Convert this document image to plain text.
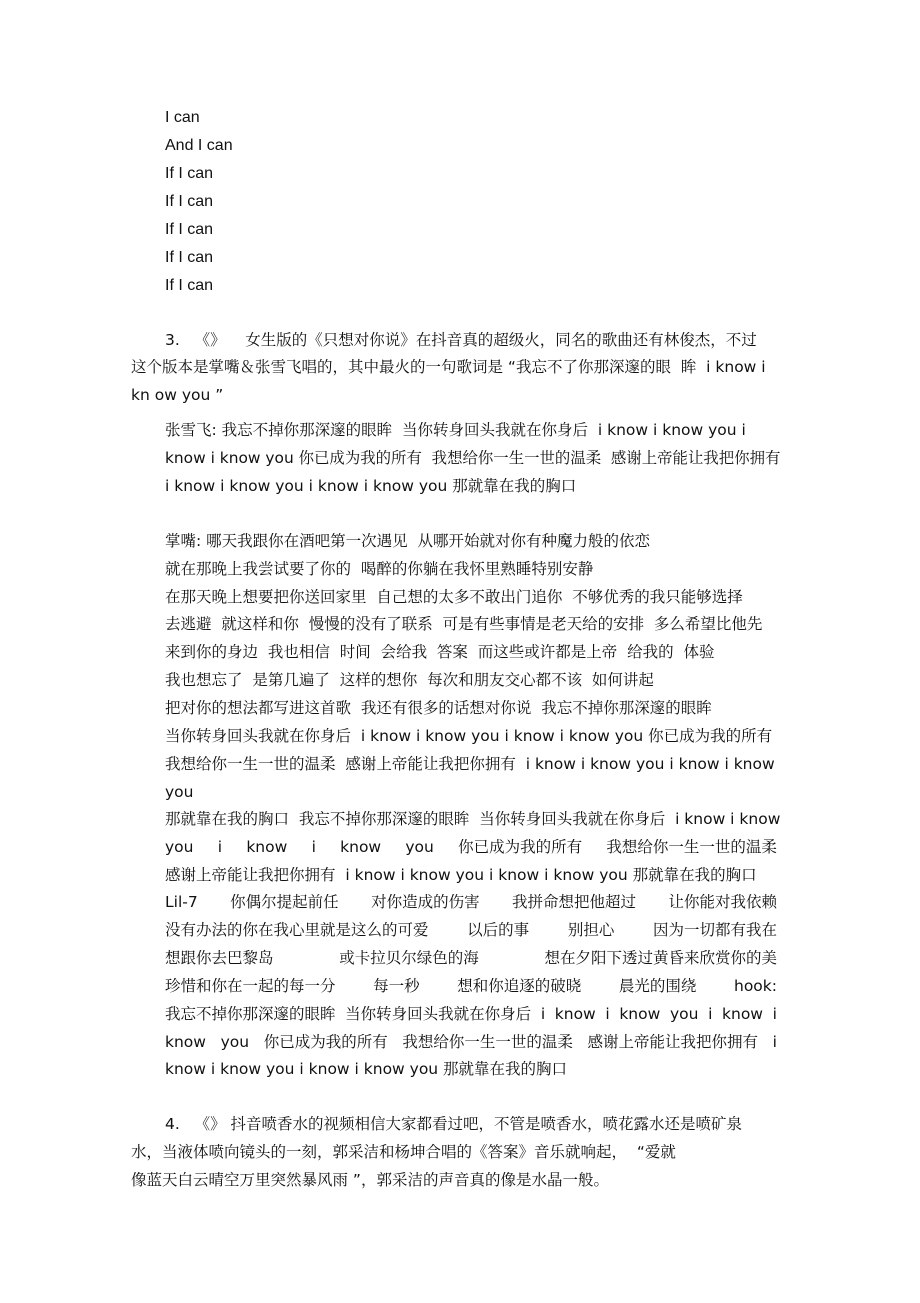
I can

And I can

If I can

If I can

If I can

If I can

If I can

3.   《》    女生版的《只想对你说》在抖音真的超级火，同名的歌曲还有林俊杰，不过

这个版本是掌嘴＆张雪飞唱的，其中最火的一句歌词是 “我忘不了你那深邃的眼  眸  i know i

kn ow you ”

张雪飞: 我忘不掉你那深邃的眼眸  当你转身回头我就在你身后  i know i know you i

know i know you 你已成为我的所有  我想给你一生一世的温柔  感谢上帝能让我把你拥有

i know i know you i know i know you 那就靠在我的胸口

掌嘴: 哪天我跟你在酒吧第一次遇见  从哪开始就对你有种魔力般的依恋

就在那晚上我尝试要了你的  喝醉的你躺在我怀里熟睡特别安静

在那天晚上想要把你送回家里  自己想的太多不敢出门追你  不够优秀的我只能够选择

去逃避  就这样和你  慢慢的没有了联系  可是有些事情是老天给的安排  多么希望比他先

来到你的身边  我也相信  时间  会给我  答案  而这些或许都是上帝  给我的  体验

我也想忘了  是第几遍了  这样的想你  每次和朋友交心都不该  如何讲起

把对你的想法都写进这首歌  我还有很多的话想对你说  我忘不掉你那深邃的眼眸

当你转身回头我就在你身后  i know i know you i know i know you 你已成为我的所有

我想给你一生一世的温柔  感谢上帝能让我把你拥有  i know i know you i know i know

you

那就靠在我的胸口  我忘不掉你那深邃的眼眸  当你转身回头我就在你身后  i know i know

you i know i know you 你已成为我的所有 我想给你一生一世的温柔

感谢上帝能让我把你拥有  i know i know you i know i know you 那就靠在我的胸口

Lil-7 你偶尔提起前任 对你造成的伤害 我拼命想把他超过 让你能对我依赖
没有办法的你在我心里就是这么的可爱 以后的事 别担心 因为一切都有我在
想跟你去巴黎岛	或卡拉贝尔绿色的海	想在夕阳下透过黄昏来欣赏你的美
珍惜和你在一起的每一分 每一秒 想和你追逐的破晓 晨光的围绕 hook:
我忘不掉你那深邃的眼眸 当你转身回头我就在你身后 i know i know you i know i
know you 你已成为我的所有 我想给你一生一世的温柔 感谢上帝能让我把你拥有 i

know i know you i know i know you 那就靠在我的胸口

4.   《》 抖音喷香水的视频相信大家都看过吧，不管是喷香水，喷花露水还是喷矿泉

水，当液体喷向镜头的一刻，郭采洁和杨坤合唱的《答案》音乐就响起，  “爱就

像蓝天白云晴空万里突然暴风雨 ”，郭采洁的声音真的像是水晶一般。
